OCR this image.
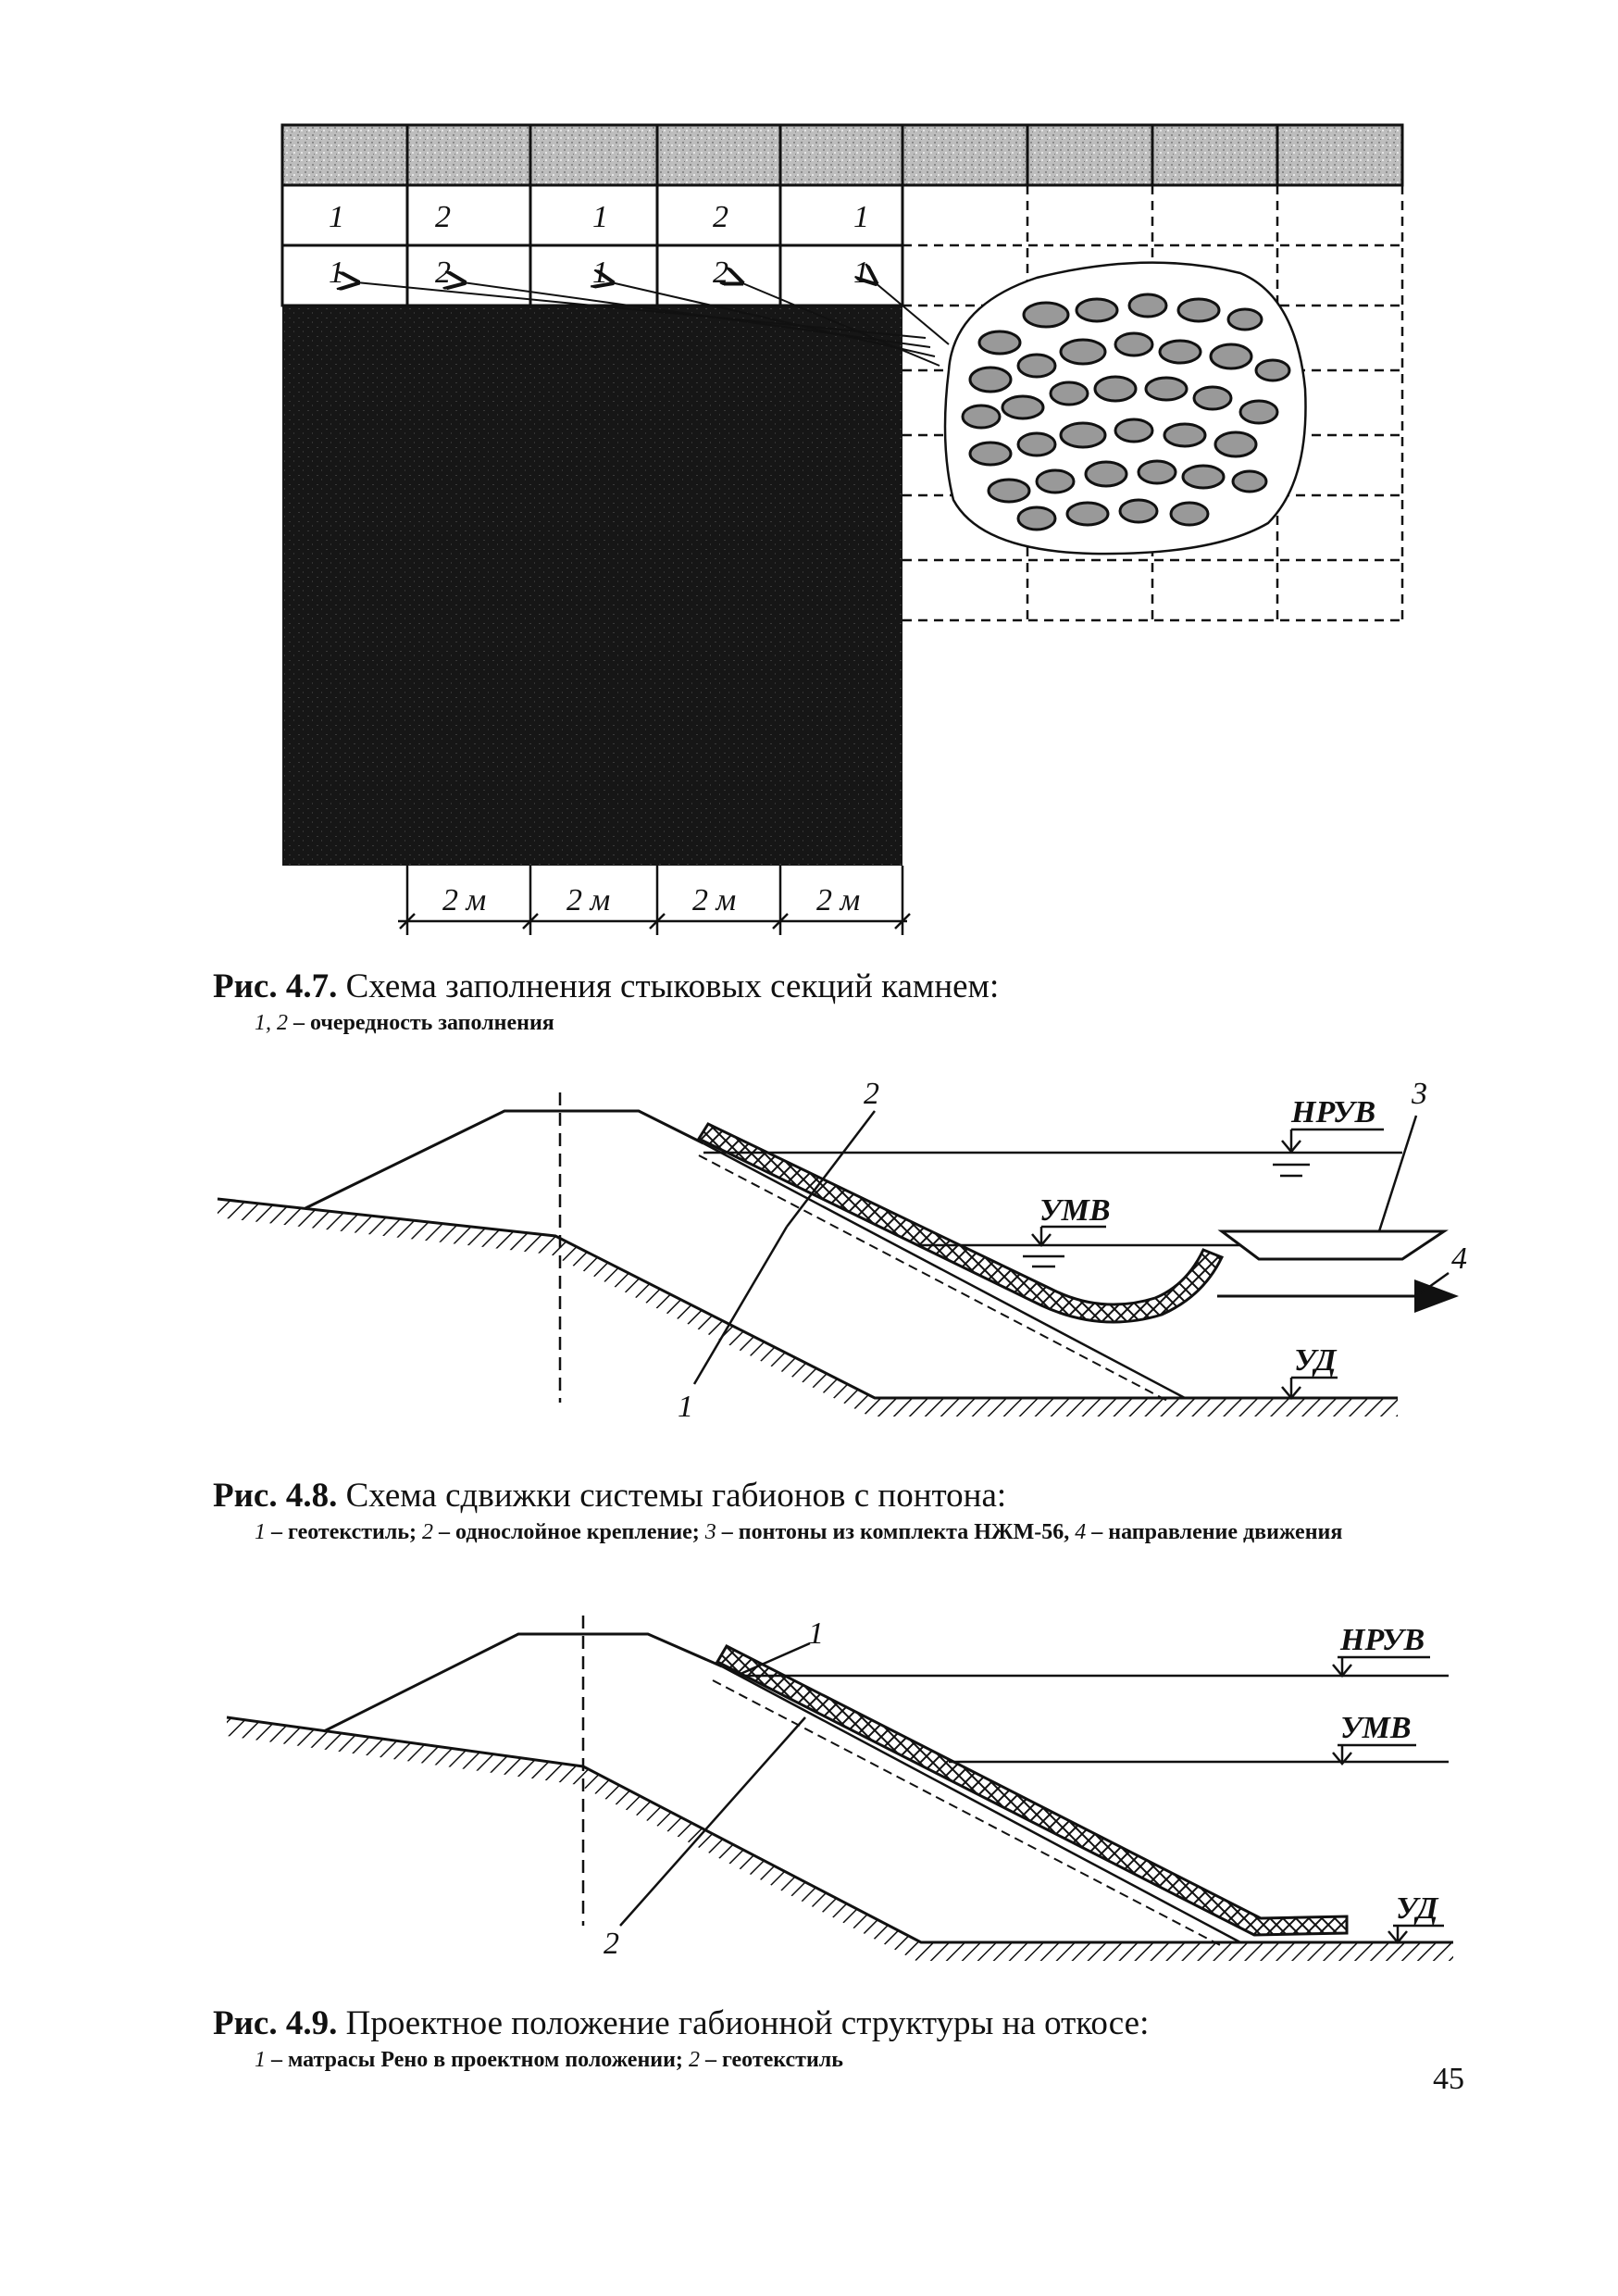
1	2	1	2	1
1	2	1	2	1
2 м	2 м	2 м	2 м
НРУВ
УМВ
УД
1
2	3
4
НРУВ
УМВ
УД
1
2
Рис. 4.7. Схема заполнения стыковых секций камнем:
1, 2 – очередность заполнения
Рис. 4.8. Схема сдвижки системы габионов с понтона:
1 – геотекстиль; 2 – однослойное крепление; 3 – понтоны из комплекта НЖМ-56, 4 – направление движения
Рис. 4.9. Проектное положение габионной структуры на откосе:
1 – матрасы Рено в проектном положении; 2 – геотекстиль
45
